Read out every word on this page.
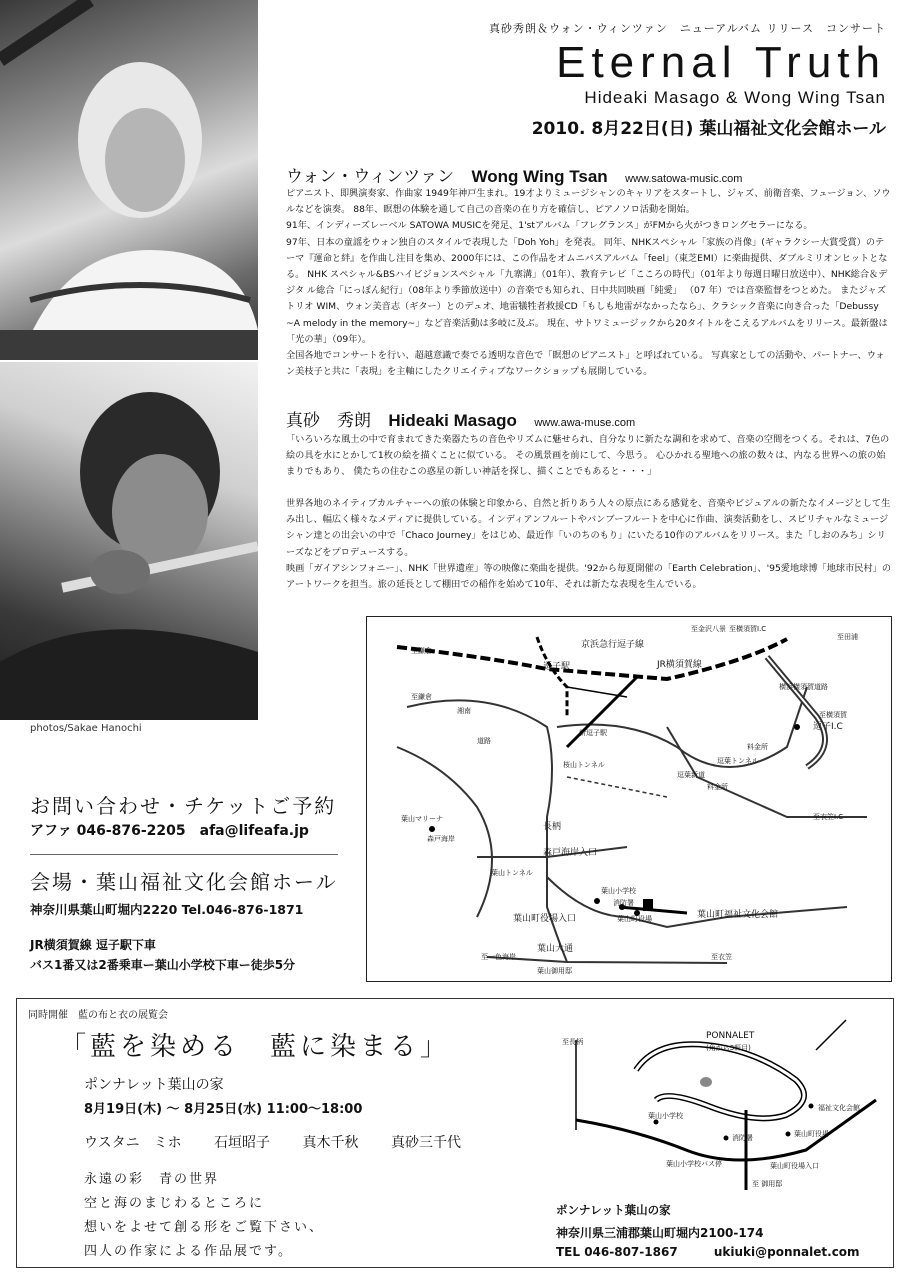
photos/Sakae Hanochi
真砂秀朗＆ウォン・ウィンツァン　ニューアルバム リリース　コンサート
Eternal Truth
Hideaki Masago & Wong Wing Tsan
2010. 8月22日(日) 葉山福祉文化会館ホール
ウォン・ウィンツァン Wong Wing Tsan www.satowa-music.com

ピアニスト、即興演奏家、作曲家 1949年神戸生まれ。19才よりミュージシャンのキャリアをスタートし、ジャズ、前衛音楽、フュージョン、ソウルなどを演奏。 88年、瞑想の体験を通して自己の音楽の在り方を確信し、ピアノソロ活動を開始。

91年、インディーズレーベル SATOWA MUSICを発足、1'stアルバム「フレグランス」がFMから火がつきロングセラーになる。

97年、日本の童謡をウォン独自のスタイルで表現した「Doh Yoh」を発表。 同年、NHKスペシャル「家族の肖像」(ギャラクシー大賞受賞）のテーマ『運命と絆』を作曲し注目を集め、2000年には、この作品をオムニバスアルバム「feel」（東芝EMI）に楽曲提供、ダブルミリオンヒットとなる。 NHK スペシャル&BSハイビジョンスペシャル「九寨溝」（01年）、教育テレビ「こころの時代」（01年より毎週日曜日放送中）、NHK総合＆デジタ ル総合「にっぽん紀行」（08年より季節放送中）の音楽でも知られ、日中共同映画「純愛」 （07 年）では音楽監督をつとめた。 またジャズトリオ WIM、ウォン美音志（ギター）とのデュオ、地雷犠牲者救援CD「もしも地雷がなかったなら」、クラシック音楽に向き合った「Debussy ~A melody in the memory~」など音楽活動は多岐に及ぶ。 現在、サトワミュージックから20タイトルをこえるアルバムをリリース。最新盤は「光の華」（09年）。

全国各地でコンサートを行い、超越意識で奏でる透明な音色で「瞑想のピアニスト」と呼ばれている。 写真家としての活動や、パートナー、ウォン美枝子と共に「表現」を主軸にしたクリエイティブなワークショップも展開している。

真砂　秀朗 Hideaki Masago www.awa-muse.com
「いろいろな風土の中で育まれてきた楽器たちの音色やリズムに魅せられ、自分なりに新たな調和を求めて、音楽の空間をつくる。それは、7色の絵の具を水にとかして1枚の絵を描くことに似ている。 その風景画を前にして、今思う。 心ひかれる聖地への旅の数々は、内なる世界への旅の始まりでもあり、 僕たちの住むこの惑星の新しい神話を探し、描くことでもあると・・・」

世界各地のネイティブカルチャーへの旅の体験と印象から、自然と折りあう人々の原点にある感覚を、音楽やビジュアルの新たなイメージとして生み出し、幅広く様々なメディアに提供している。インディアンフルートやバンブーフルートを中心に作曲、演奏活動をし、スピリチャルなミュージシャン達との出会いの中で「Chaco Journey」をはじめ、最近作「いのちのもり」にいたる10作のアルバムをリリース。また「しおのみち」シリーズなどをプロデュースする。

映画「ガイアシンフォニー」、NHK「世界遺産」等の映像に楽曲を提供。'92から毎夏開催の「Earth Celebration」、'95愛地球博「地球市民村」のアートワークを担当。旅の延長として棚田での稲作を始めて10年、それは新たな表現を生んでいる。

お問い合わせ・チケットご予約
アファ 046-876-2205　afa@lifeafa.jp
会場・葉山福祉文化会館ホール
神奈川県葉山町堀内2220 Tel.046-876-1871
JR横須賀線 逗子駅下車
バス1番又は2番乗車ー葉山小学校下車ー徒歩5分
至金沢八景 至横須賀I.C
至田浦
至鎌倉
京浜急行逗子線
逗子駅	JR横須賀線
至鎌倉
湘南
道路
新逗子駅
横浜横須賀道路
料金所
逗子I.C
至横須賀
逗葉トンネル
逗葉新道
料金所
桜山トンネル
至衣笠I.C
葉山マリーナ
森戸海岸
長柄
森戸海岸入口
葉山トンネル
葉山小学校
消防署
葉山町役場入口	葉山町役場	葉山町福祉文化会館
至一色海岸
葉山大通
至衣笠
葉山御用邸
同時開催　藍の布と衣の展覧会
「藍を染める　藍に染まる」
ポンナレット葉山の家
8月19日(木) ～ 8月25日(水) 11:00～18:00
ウスタニ　ミホ 石垣昭子 真木千秋 真砂三千代
永遠の彩　青の世界
空と海のまじわるところに
想いをよせて創る形をご覧下さい、
四人の作家による作品展です。
至長柄
PONNALET
(角から3軒目)
福祉文化会館
葉山町役場
葉山小学校
消防署
葉山小学校バス停	葉山町役場入口
至 御用邸
ポンナレット葉山の家
神奈川県三浦郡葉山町堀内2100-174
TEL 046-807-1867	ukiuki@ponnalet.com
